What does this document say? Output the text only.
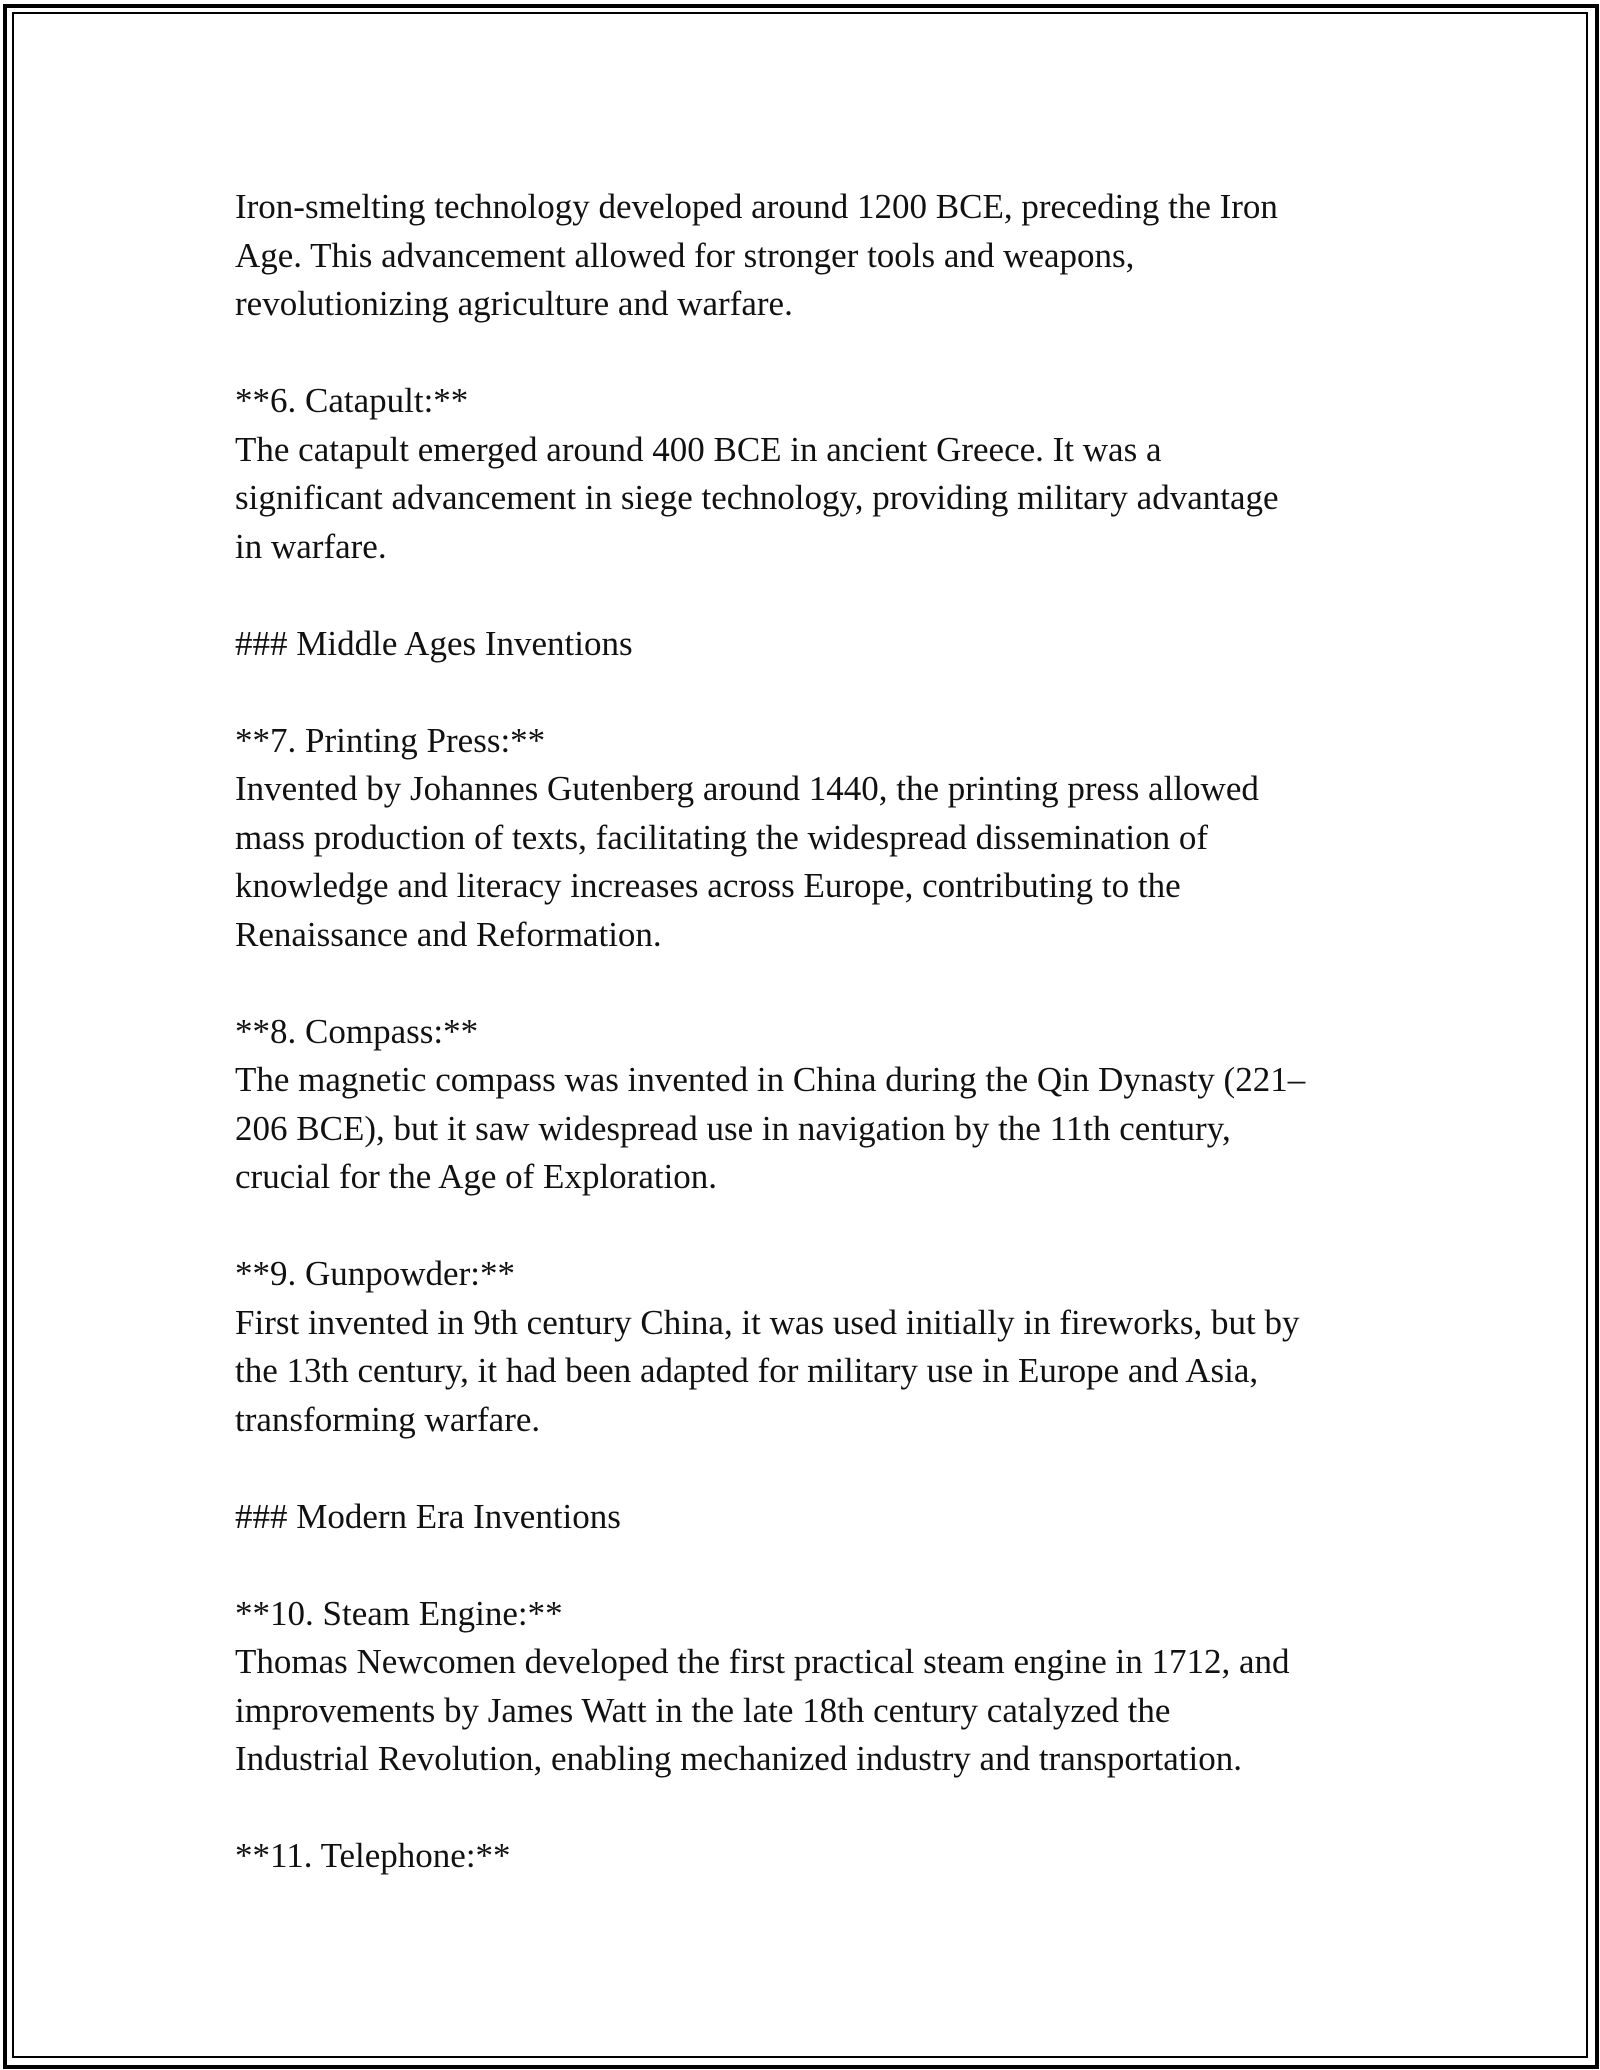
Iron-smelting technology developed around 1200 BCE, preceding the Iron
Age. This advancement allowed for stronger tools and weapons,
revolutionizing agriculture and warfare.

**6. Catapult:**
The catapult emerged around 400 BCE in ancient Greece. It was a
significant advancement in siege technology, providing military advantage
in warfare.

### Middle Ages Inventions

**7. Printing Press:**
Invented by Johannes Gutenberg around 1440, the printing press allowed
mass production of texts, facilitating the widespread dissemination of
knowledge and literacy increases across Europe, contributing to the
Renaissance and Reformation.

**8. Compass:**
The magnetic compass was invented in China during the Qin Dynasty (221–
206 BCE), but it saw widespread use in navigation by the 11th century,
crucial for the Age of Exploration.

**9. Gunpowder:**
First invented in 9th century China, it was used initially in fireworks, but by
the 13th century, it had been adapted for military use in Europe and Asia,
transforming warfare.

### Modern Era Inventions

**10. Steam Engine:**
Thomas Newcomen developed the first practical steam engine in 1712, and
improvements by James Watt in the late 18th century catalyzed the
Industrial Revolution, enabling mechanized industry and transportation.

**11. Telephone:**
